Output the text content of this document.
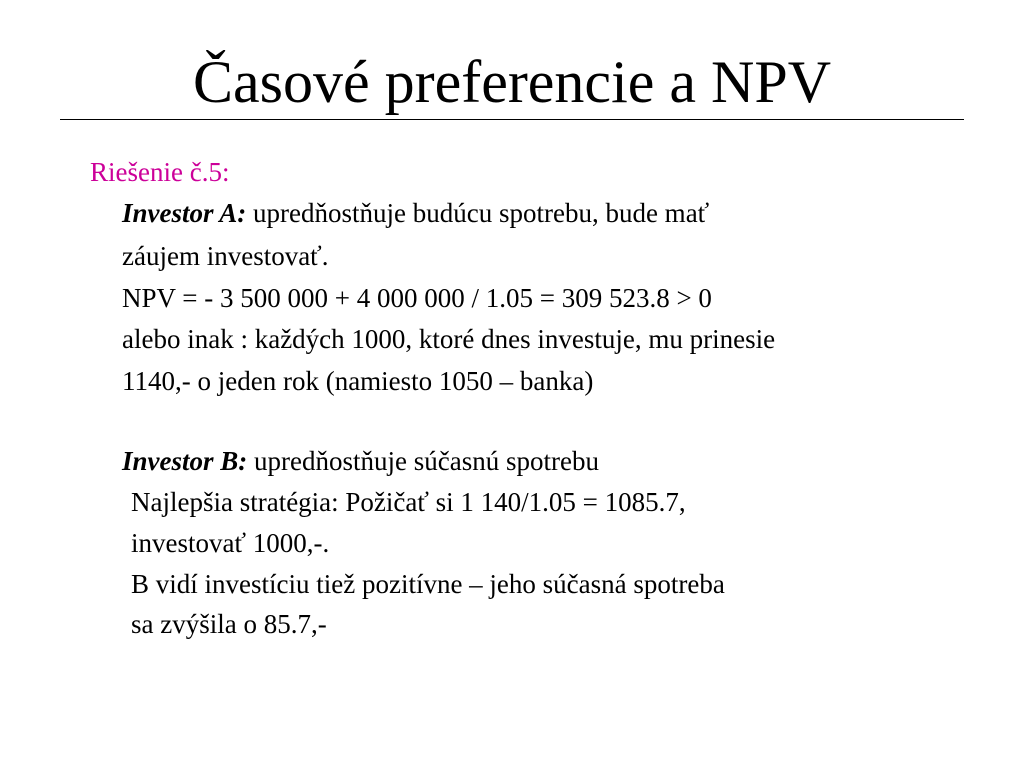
Časové preferencie a NPV

Riešenie č.5:

Investor A: upredňostňuje budúcu spotrebu, bude mať

záujem investovať.

NPV = - 3 500 000 + 4 000 000 / 1.05 = 309 523.8 > 0

alebo inak : každých 1000, ktoré dnes investuje, mu prinesie

1140,- o jeden rok (namiesto 1050 – banka)

Investor B: upredňostňuje súčasnú spotrebu

Najlepšia stratégia: Požičať si 1 140/1.05 = 1085.7,

investovať 1000,-.

B vidí investíciu tiež pozitívne – jeho súčasná spotreba

sa zvýšila o 85.7,-
